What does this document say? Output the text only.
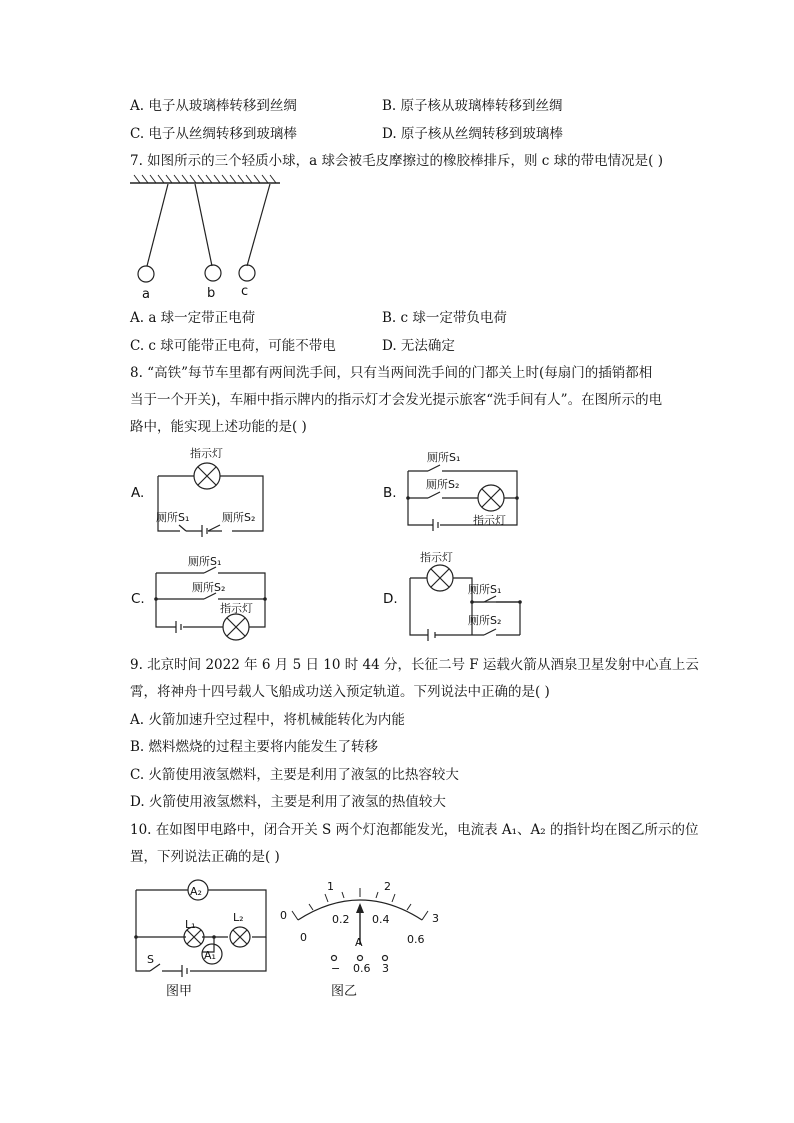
A. 电子从玻璃棒转移到丝绸	B. 原子核从玻璃棒转移到丝绸
C. 电子从丝绸转移到玻璃棒	D. 原子核从丝绸转移到玻璃棒
7. 如图所示的三个轻质小球，a 球会被毛皮摩擦过的橡胶棒排斥，则 c 球的带电情况是( )
a	b c
A. a 球一定带正电荷	B. c 球一定带负电荷
C. c 球可能带正电荷，可能不带电	D. 无法确定
8. “高铁”每节车里都有两间洗手间，只有当两间洗手间的门都关上时(每扇门的插销都相
当于一个开关)，车厢中指示牌内的指示灯才会发光提示旅客“洗手间有人”。在图所示的电
路中，能实现上述功能的是( )
A.	B.
C.	D.
指示灯
厕所S₁	厕所S₂
厕所S₁
厕所S₂
指示灯
厕所S₁
厕所S₂
指示灯
指示灯
厕所S₁
厕所S₂
9. 北京时间 2022 年 6 月 5 日 10 时 44 分，长征二号 F 运载火箭从酒泉卫星发射中心直上云
霄，将神舟十四号载人飞船成功送入预定轨道。下列说法中正确的是( )
A. 火箭加速升空过程中，将机械能转化为内能
B. 燃料燃烧的过程主要将内能发生了转移
C. 火箭使用液氢燃料，主要是利用了液氢的比热容较大
D. 火箭使用液氢燃料，主要是利用了液氢的热值较大
10. 在如图甲电路中，闭合开关 S 两个灯泡都能发光，电流表 A₁、A₂ 的指针均在图乙所示的位
置，下列说法正确的是( )
A₂
L₁
L₂
A₁
S
图甲
0
1	2
3
0
0.2 0.4
0.6
A
− 0.6 3
图乙
